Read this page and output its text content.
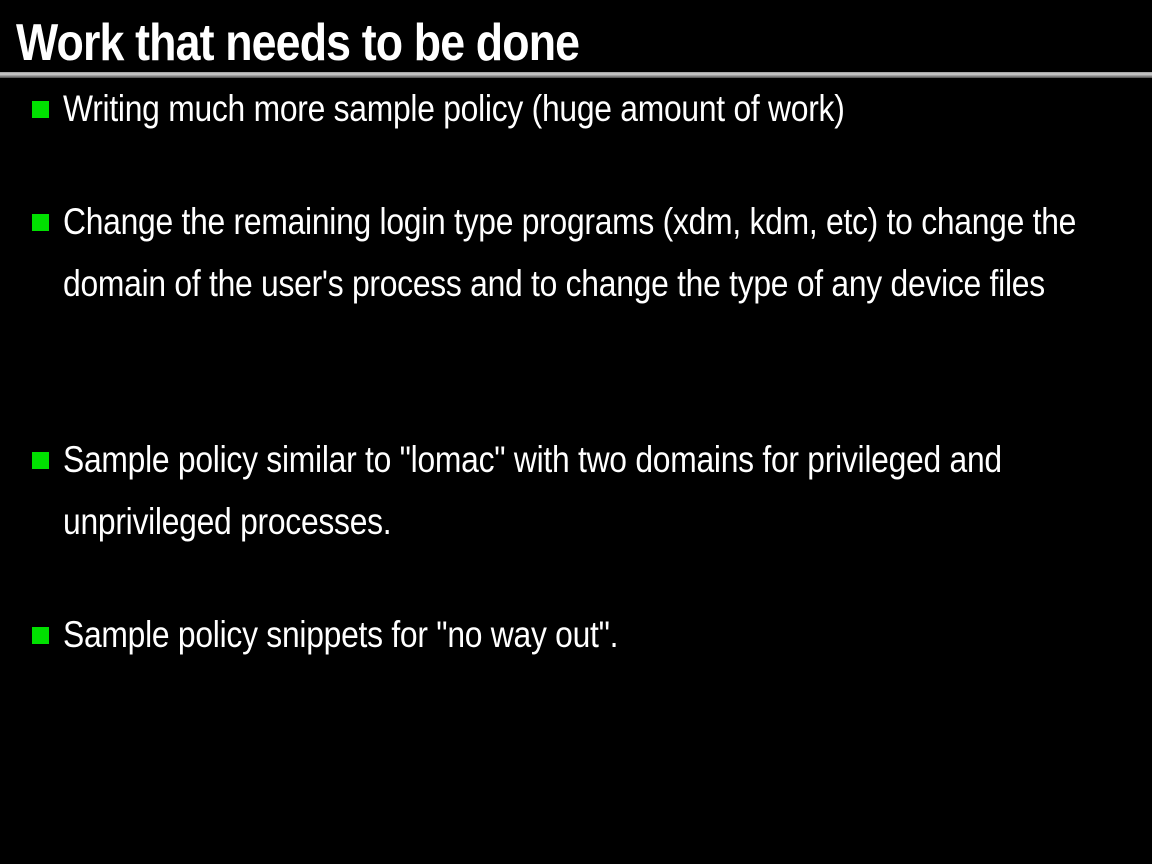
Work that needs to be done

Writing much more sample policy (huge amount of work)

Change the remaining login type programs (xdm, kdm, etc) to change the domain of the user's process and to change the type of any device files

Sample policy similar to "lomac" with two domains for privileged and unprivileged processes.

Sample policy snippets for "no way out".
